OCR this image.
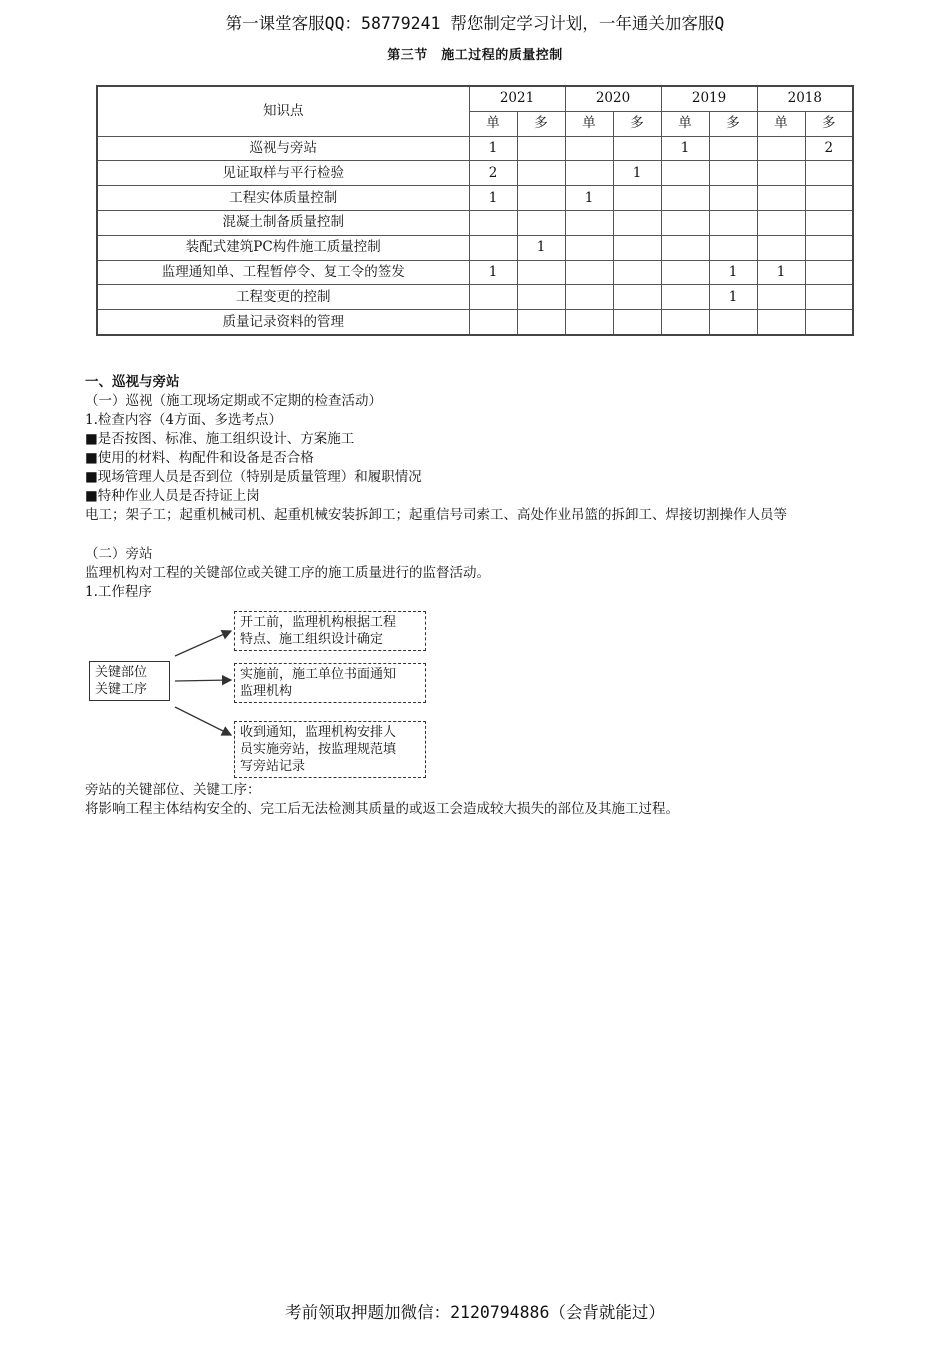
第一课堂客服QQ：58779241 帮您制定学习计划，一年通关加客服Q
第三节　施工过程的质量控制
知识点	2021		2020		2019		2018	
	单	多	单	多	单	多	单	多
巡视与旁站	1				1			2
见证取样与平行检验	2			1				
工程实体质量控制	1		1					
混凝土制备质量控制								
装配式建筑PC构件施工质量控制		1						
监理通知单、工程暂停令、复工令的签发	1					1	1	
工程变更的控制						1		
质量记录资料的管理								
一、巡视与旁站
（一）巡视（施工现场定期或不定期的检查活动）
1.检查内容（4方面、多选考点）
■是否按图、标准、施工组织设计、方案施工
■使用的材料、构配件和设备是否合格
■现场管理人员是否到位（特别是质量管理）和履职情况
■特种作业人员是否持证上岗
电工；架子工；起重机械司机、起重机械安装拆卸工；起重信号司索工、高处作业吊篮的拆卸工、焊接切割操作人员等
（二）旁站
监理机构对工程的关键部位或关键工序的施工质量进行的监督活动。
1.工作程序
关键部位
关键工序
开工前，监理机构根据工程
特点、施工组织设计确定
实施前，施工单位书面通知
监理机构
收到通知，监理机构安排人
员实施旁站，按监理规范填
写旁站记录
旁站的关键部位、关键工序：
将影响工程主体结构安全的、完工后无法检测其质量的或返工会造成较大损失的部位及其施工过程。
考前领取押题加微信：2120794886（会背就能过）
